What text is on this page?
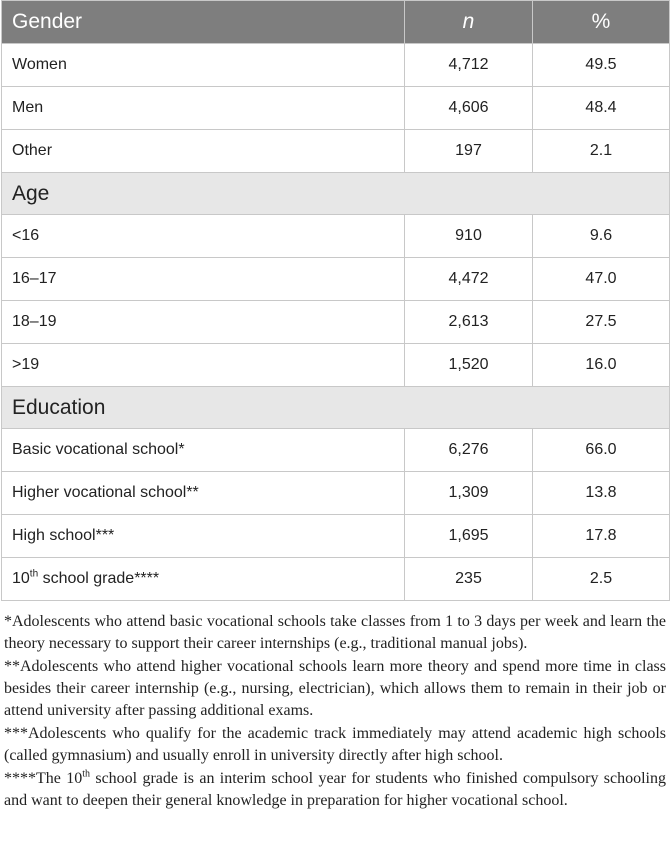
Gender	n	%
Women	4,712	49.5
Men	4,606	48.4
Other	197	2.1
Age		
<16	910	9.6
16–17	4,472	47.0
18–19	2,613	27.5
>19	1,520	16.0
Education		
Basic vocational school*	6,276	66.0
Higher vocational school**	1,309	13.8
High school***	1,695	17.8
10th school grade****	235	2.5

*Adolescents who attend basic vocational schools take classes from 1 to 3 days per week and learn the theory necessary to support their career internships (e.g., traditional manual jobs).

**Adolescents who attend higher vocational schools learn more theory and spend more time in class besides their career internship (e.g., nursing, electrician), which allows them to remain in their job or attend university after passing additional exams.

***Adolescents who qualify for the academic track immediately may attend academic high schools (called gymnasium) and usually enroll in university directly after high school.

****The 10th school grade is an interim school year for students who finished compulsory schooling and want to deepen their general knowledge in preparation for higher vocational school.
